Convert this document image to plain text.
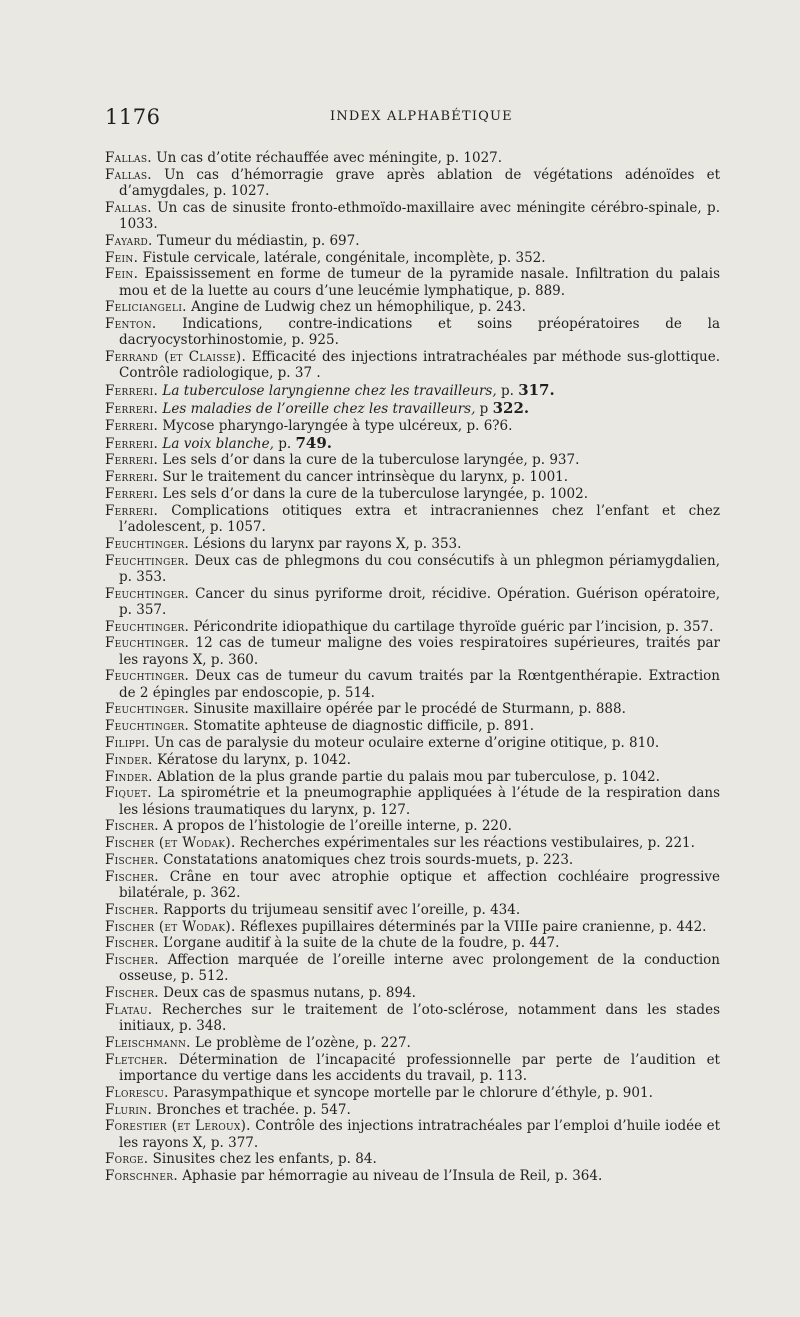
1176	INDEX ALPHABÉTIQUE
Fallas. Un cas d’otite réchauffée avec méningite, p. 1027.
Fallas. Un cas d’hémorragie grave après ablation de végétations adénoïdes et d’amygdales, p. 1027.
Fallas. Un cas de sinusite fronto-ethmoïdo-maxillaire avec méningite cérébro-spinale, p. 1033.
Fayard. Tumeur du médiastin, p. 697.
Fein. Fistule cervicale, latérale, congénitale, incomplète, p. 352.
Fein. Epaississement en forme de tumeur de la pyramide nasale. Infiltration du palais mou et de la luette au cours d’une leucémie lymphatique, p. 889.
Feliciangeli. Angine de Ludwig chez un hémophilique, p. 243.
Fenton. Indications, contre-indications et soins préopératoires de la dacryocystorhinostomie, p. 925.
Ferrand (et Claisse). Efficacité des injections intratrachéales par méthode sus-glottique. Contrôle radiologique, p. 37 .
Ferreri. La tuberculose laryngienne chez les travailleurs, p. 317.
Ferreri. Les maladies de l’oreille chez les travailleurs, p 322.
Ferreri. Mycose pharyngo-laryngée à type ulcéreux, p. 6?6.
Ferreri. La voix blanche, p. 749.
Ferreri. Les sels d’or dans la cure de la tuberculose laryngée, p. 937.
Ferreri. Sur le traitement du cancer intrinsèque du larynx, p. 1001.
Ferreri. Les sels d’or dans la cure de la tuberculose laryngée, p. 1002.
Ferreri. Complications otitiques extra et intracraniennes chez l’enfant et chez l’adolescent, p. 1057.
Feuchtinger. Lésions du larynx par rayons X, p. 353.
Feuchtinger. Deux cas de phlegmons du cou consécutifs à un phlegmon périamygdalien, p. 353.
Feuchtinger. Cancer du sinus pyriforme droit, récidive. Opération. Guérison opératoire, p. 357.
Feuchtinger. Péricondrite idiopathique du cartilage thyroïde guéric par l’incision, p. 357.
Feuchtinger. 12 cas de tumeur maligne des voies respiratoires supérieures, traités par les rayons X, p. 360.
Feuchtinger. Deux cas de tumeur du cavum traités par la Rœntgenthérapie. Extraction de 2 épingles par endoscopie, p. 514.
Feuchtinger. Sinusite maxillaire opérée par le procédé de Sturmann, p. 888.
Feuchtinger. Stomatite aphteuse de diagnostic difficile, p. 891.
Filippi. Un cas de paralysie du moteur oculaire externe d’origine otitique, p. 810.
Finder. Kératose du larynx, p. 1042.
Finder. Ablation de la plus grande partie du palais mou par tuberculose, p. 1042.
Fiquet. La spirométrie et la pneumographie appliquées à l’étude de la respiration dans les lésions traumatiques du larynx, p. 127.
Fischer. A propos de l’histologie de l’oreille interne, p. 220.
Fischer (et Wodak). Recherches expérimentales sur les réactions vestibulaires, p. 221.
Fischer. Constatations anatomiques chez trois sourds-muets, p. 223.
Fischer. Crâne en tour avec atrophie optique et affection cochléaire progressive bilatérale, p. 362.
Fischer. Rapports du trijumeau sensitif avec l’oreille, p. 434.
Fischer (et Wodak). Réflexes pupillaires déterminés par la VIIIe paire cranienne, p. 442.
Fischer. L’organe auditif à la suite de la chute de la foudre, p. 447.
Fischer. Affection marquée de l’oreille interne avec prolongement de la conduction osseuse, p. 512.
Fischer. Deux cas de spasmus nutans, p. 894.
Flatau. Recherches sur le traitement de l’oto-sclérose, notamment dans les stades initiaux, p. 348.
Fleischmann. Le problème de l’ozène, p. 227.
Fletcher. Détermination de l’incapacité professionnelle par perte de l’audition et importance du vertige dans les accidents du travail, p. 113.
Florescu. Parasympathique et syncope mortelle par le chlorure d’éthyle, p. 901.
Flurin. Bronches et trachée. p. 547.
Forestier (et Leroux). Contrôle des injections intratrachéales par l’emploi d’huile iodée et les rayons X, p. 377.
Forge. Sinusites chez les enfants, p. 84.
Forschner. Aphasie par hémorragie au niveau de l’Insula de Reil, p. 364.
